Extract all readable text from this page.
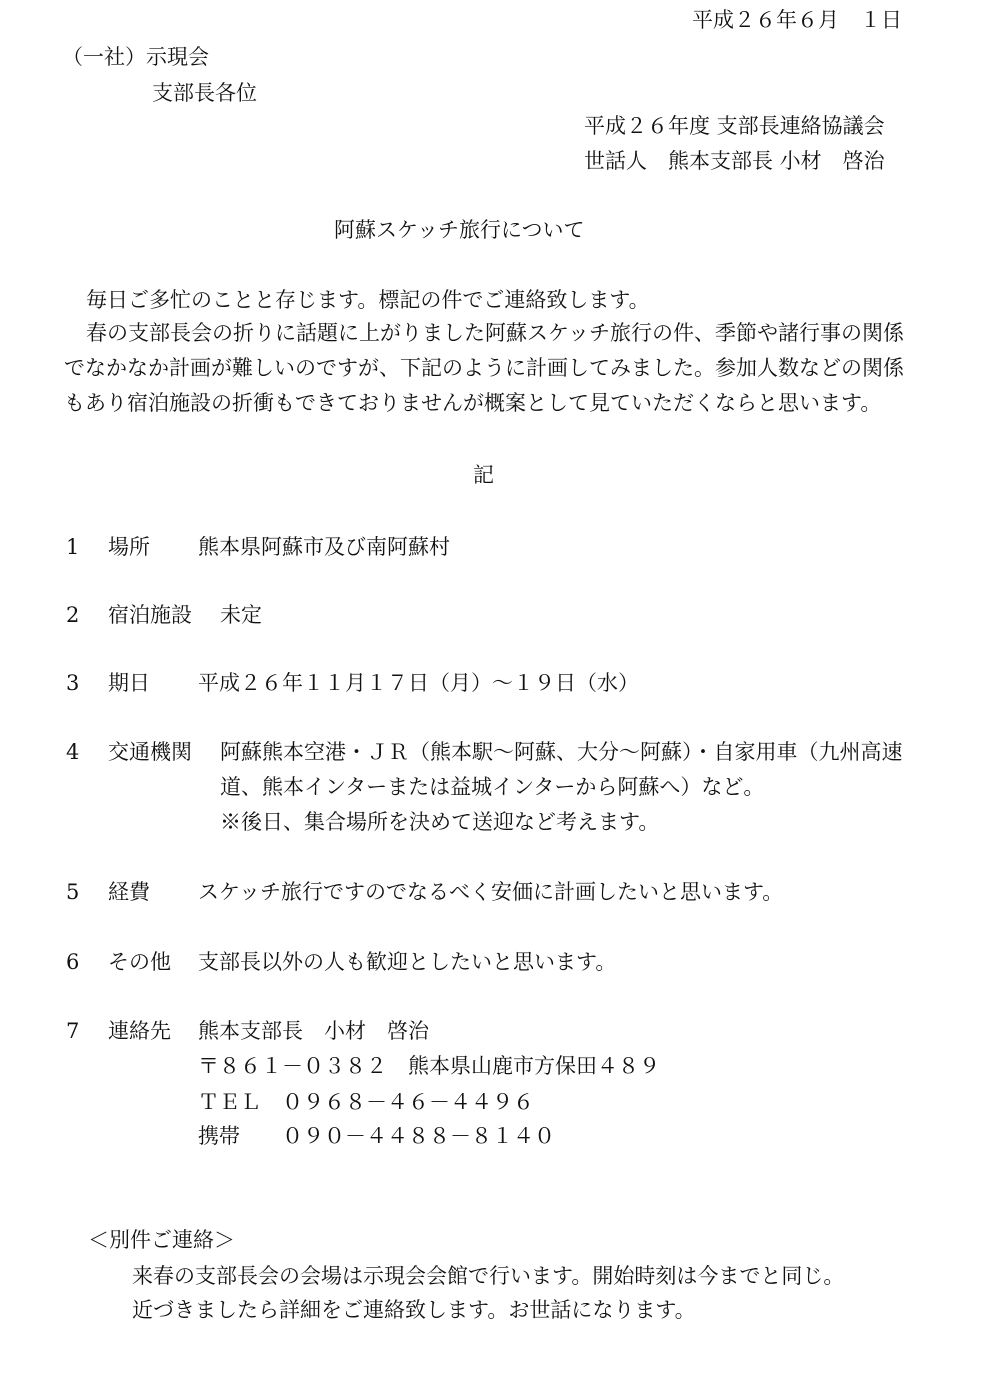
平成２６年６月　１日
（一社）示現会
支部長各位
平成２６年度 支部長連絡協議会
世話人　熊本支部長 小材　啓治
阿蘇スケッチ旅行について
毎日ご多忙のことと存じます。標記の件でご連絡致します。
春の支部長会の折りに話題に上がりました阿蘇スケッチ旅行の件、季節や諸行事の関係
でなかなか計画が難しいのですが、下記のように計画してみました。参加人数などの関係
もあり宿泊施設の折衝もできておりませんが概案として見ていただくならと思います。
記
1 場所 熊本県阿蘇市及び南阿蘇村
2 宿泊施設 未定
3 期日 平成２６年１１月１７日（月）～１９日（水）
4 交通機関 阿蘇熊本空港・ＪＲ（熊本駅～阿蘇、大分～阿蘇）・自家用車（九州高速
道、熊本インターまたは益城インターから阿蘇へ）など。
※後日、集合場所を決めて送迎など考えます。
5 経費 スケッチ旅行ですのでなるべく安価に計画したいと思います。
6 その他 支部長以外の人も歓迎としたいと思います。
7 連絡先 熊本支部長　小材　啓治
〒８６１－０３８２　熊本県山鹿市方保田４８９
ＴＥＬ　０９６８－４６－４４９６
携帯　　０９０－４４８８－８１４０
＜別件ご連絡＞
来春の支部長会の会場は示現会会館で行います。開始時刻は今までと同じ。
近づきましたら詳細をご連絡致します。お世話になります。
